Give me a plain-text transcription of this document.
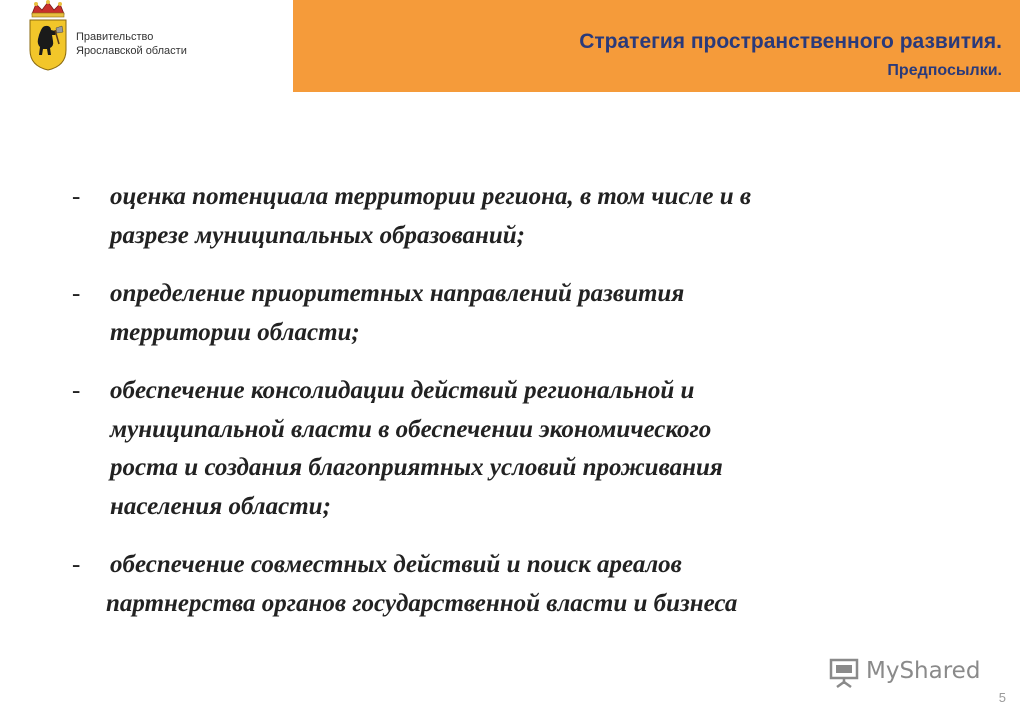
Правительство
Ярославской области	Стратегия пространственного развития.
Предпосылки.
- оценка потенциала территории региона, в том числе и в
разрезе муниципальных образований;
- определение приоритетных направлений развития
территории области;
- обеспечение консолидации действий региональной и
муниципальной власти в обеспечении экономического
роста и создания благоприятных условий проживания
населения области;
- обеспечение совместных действий и поиск ареалов
партнерства органов государственной власти и бизнеса
MyShared
5
